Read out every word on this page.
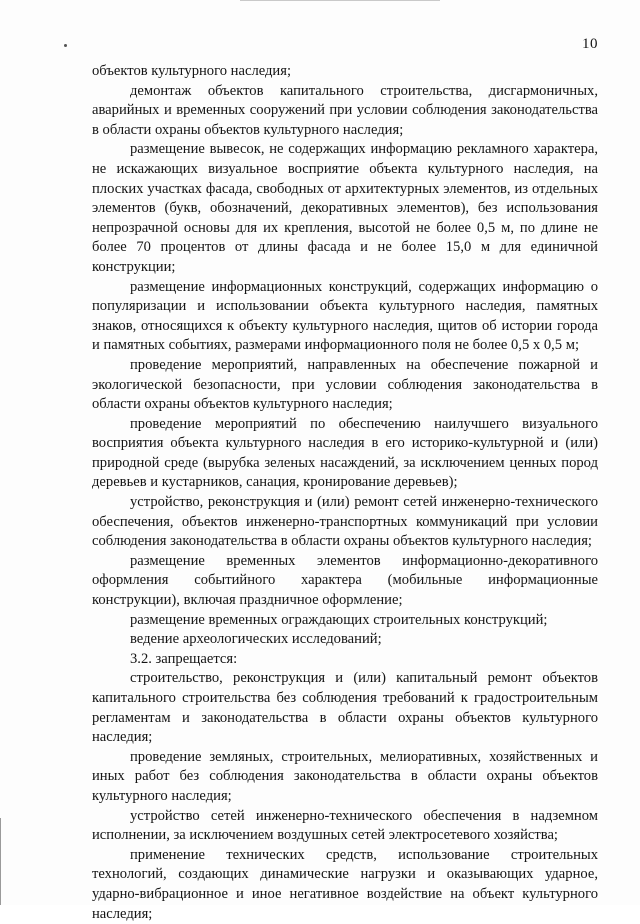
10

объектов культурного наследия;

демонтаж объектов капитального строительства, дисгармоничных, аварийных и временных сооружений при условии соблюдения законодательства в области охраны объектов культурного наследия;

размещение вывесок, не содержащих информацию рекламного характера, не искажающих визуальное восприятие объекта культурного наследия, на плоских участках фасада, свободных от архитектурных элементов, из отдельных элементов (букв, обозначений, декоративных элементов), без использования непрозрачной основы для их крепления, высотой не более 0,5 м, по длине не более 70 процентов от длины фасада и не более 15,0 м для единичной конструкции;

размещение информационных конструкций, содержащих информацию о популяризации и использовании объекта культурного наследия, памятных знаков, относящихся к объекту культурного наследия, щитов об истории города и памятных событиях, размерами информационного поля не более 0,5 х 0,5 м;

проведение мероприятий, направленных на обеспечение пожарной и экологической безопасности, при условии соблюдения законодательства в области охраны объектов культурного наследия;

проведение мероприятий по обеспечению наилучшего визуального восприятия объекта культурного наследия в его историко-культурной и (или) природной среде (вырубка зеленых насаждений, за исключением ценных пород деревьев и кустарников, санация, кронирование деревьев);

устройство, реконструкция и (или) ремонт сетей инженерно-технического обеспечения, объектов инженерно-транспортных коммуникаций при условии соблюдения законодательства в области охраны объектов культурного наследия;

размещение временных элементов информационно-декоративного оформления событийного характера (мобильные информационные конструкции), включая праздничное оформление;

размещение временных ограждающих строительных конструкций;

ведение археологических исследований;

3.2. запрещается:

строительство, реконструкция и (или) капитальный ремонт объектов капитального строительства без соблюдения требований к градостроительным регламентам и законодательства в области охраны объектов культурного наследия;

проведение земляных, строительных, мелиоративных, хозяйственных и иных работ без соблюдения законодательства в области охраны объектов культурного наследия;

устройство сетей инженерно-технического обеспечения в надземном исполнении, за исключением воздушных сетей электросетевого хозяйства;

применение технических средств, использование строительных технологий, создающих динамические нагрузки и оказывающих ударное, ударно-вибрационное и иное негативное воздействие на объект культурного наследия;
